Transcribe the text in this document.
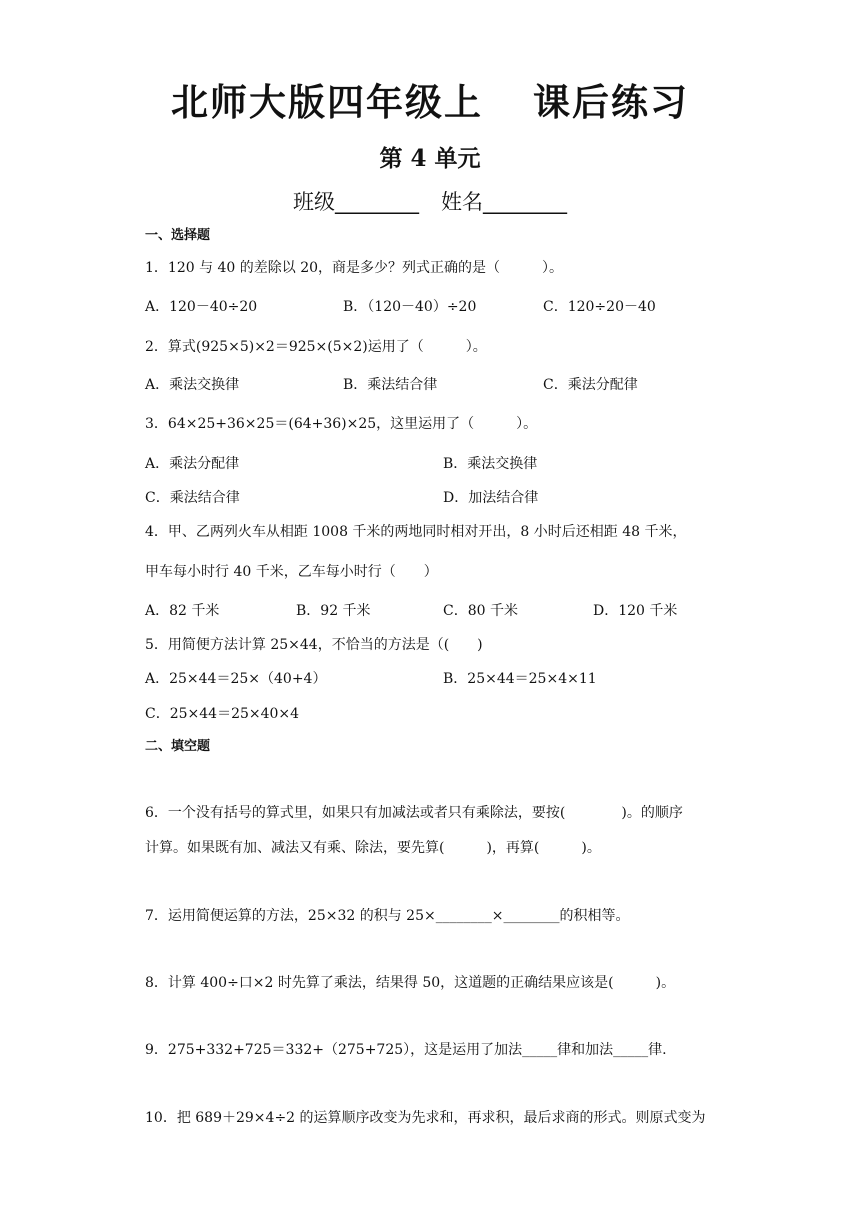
北师大版四年级上 课后练习
第 4 单元
班级________ 姓名________
一、选择题
1．120 与 40 的差除以 20，商是多少？列式正确的是（　　　）。
A．120－40÷20	B．（120－40）÷20	C．120÷20－40
2．算式(925×5)×2＝925×(5×2)运用了（　　　）。
A．乘法交换律	B．乘法结合律	C．乘法分配律
3．64×25+36×25＝(64+36)×25，这里运用了（　　　）。
A．乘法分配律	B．乘法交换律
C．乘法结合律	D．加法结合律
4．甲、乙两列火车从相距 1008 千米的两地同时相对开出，8 小时后还相距 48 千米，
甲车每小时行 40 千米，乙车每小时行（　　）
A．82 千米	B．92 千米	C．80 千米	D．120 千米
5．用简便方法计算 25×44，不恰当的方法是（(　　)
A．25×44＝25×（40+4）	B．25×44＝25×4×11
C．25×44＝25×40×4
二、填空题
6．一个没有括号的算式里，如果只有加减法或者只有乘除法，要按(　　　　)。的顺序
计算。如果既有加、减法又有乘、除法，要先算(　　　)，再算(　　　)。
7．运用简便运算的方法，25×32 的积与 25×________×________的积相等。
8．计算 400÷口×2 时先算了乘法，结果得 50，这道题的正确结果应该是(　　　)。
9．275+332+725＝332+（275+725），这是运用了加法_____律和加法_____律.
10．把 689＋29×4÷2 的运算顺序改变为先求和，再求积，最后求商的形式。则原式变为
